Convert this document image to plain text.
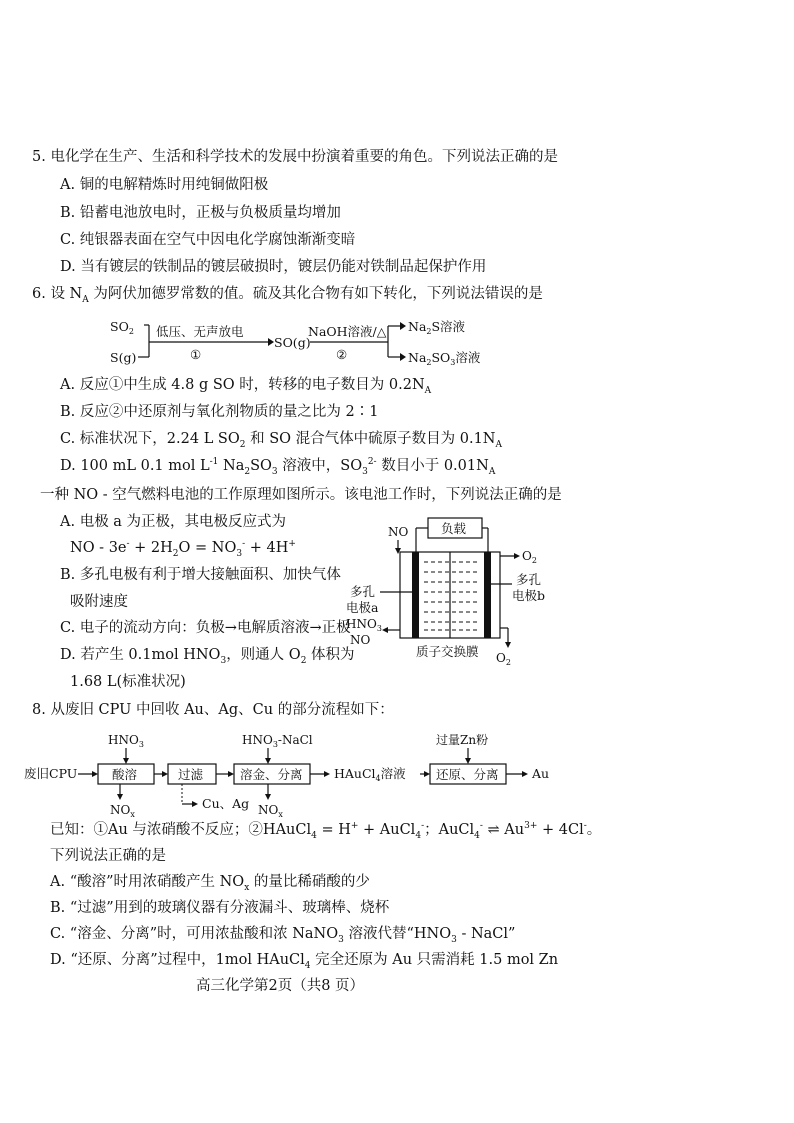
5. 电化学在生产、生活和科学技术的发展中扮演着重要的角色。下列说法正确的是
A. 铜的电解精炼时用纯铜做阳极
B. 铅蓄电池放电时，正极与负极质量均增加
C. 纯银器表面在空气中因电化学腐蚀渐渐变暗
D. 当有镀层的铁制品的镀层破损时，镀层仍能对铁制品起保护作用
6. 设 $N_A$ 为阿伏加德罗常数的值。硫及其化合物有如下转化，下列说法错误的是
$SO_2$
S(g)
低压、无声放电
①
SO(g)
NaOH溶液/△
②
$Na_2S$溶液
$Na_2SO_3$溶液
A. 反应①中生成 4.8 g SO 时，转移的电子数目为 $0.2N_A$
B. 反应②中还原剂与氧化剂物质的量之比为 2∶1
C. 标准状况下，2.24 L $SO_2$ 和 SO 混合气体中硫原子数目为 $0.1N_A$
D. 100 mL 0.1 mol $L^{-1}$ $Na_2SO_3$ 溶液中，$SO_3^{2-}$ 数目小于 $0.01N_A$
一种 NO - 空气燃料电池的工作原理如图所示。该电池工作时，下列说法正确的是
A. 电极 a 为正极，其电极反应式为
NO - $3e^- + 2H_2O = NO_3^- + 4H^+$
B. 多孔电极有利于增大接触面积、加快气体
吸附速度
C. 电子的流动方向：负极→电解质溶液→正极
D. 若产生 0.1mol $HNO_3$，则通人 $O_2$ 体积为
1.68 L(标准状况)
负载
NO
$O_2$
多孔
电极a
多孔
电极b
$HNO_3$
NO
质子交换膜 $O_2$
8. 从废旧 CPU 中回收 Au、Ag、Cu 的部分流程如下：
废旧CPU	酸溶
$HNO_3$
$NO_x$
过滤
Cu、Ag
溶金、分离
$HNO_3$-NaCl
$NO_x$
HAuCl$_4$溶液 还原、分离
过量Zn粉
Au
已知：①Au 与浓硝酸不反应；②HAuCl$_4$ = H+ + AuCl$_4$-；AuCl$_4$- ⇌ $Au^{3+} + 4Cl^-$。
下列说法正确的是
A. “酸溶”时用浓硝酸产生 $NO_x$ 的量比稀硝酸的少
B. “过滤”用到的玻璃仪器有分液漏斗、玻璃棒、烧杯
C. “溶金、分离”时，可用浓盐酸和浓 NaNO$_3$ 溶液代替“$HNO_3$ - NaCl”
D. “还原、分离”过程中，1mol HAuCl$_4$ 完全还原为 Au 只需消耗 1.5 mol Zn
高三化学第2页（共8 页）
